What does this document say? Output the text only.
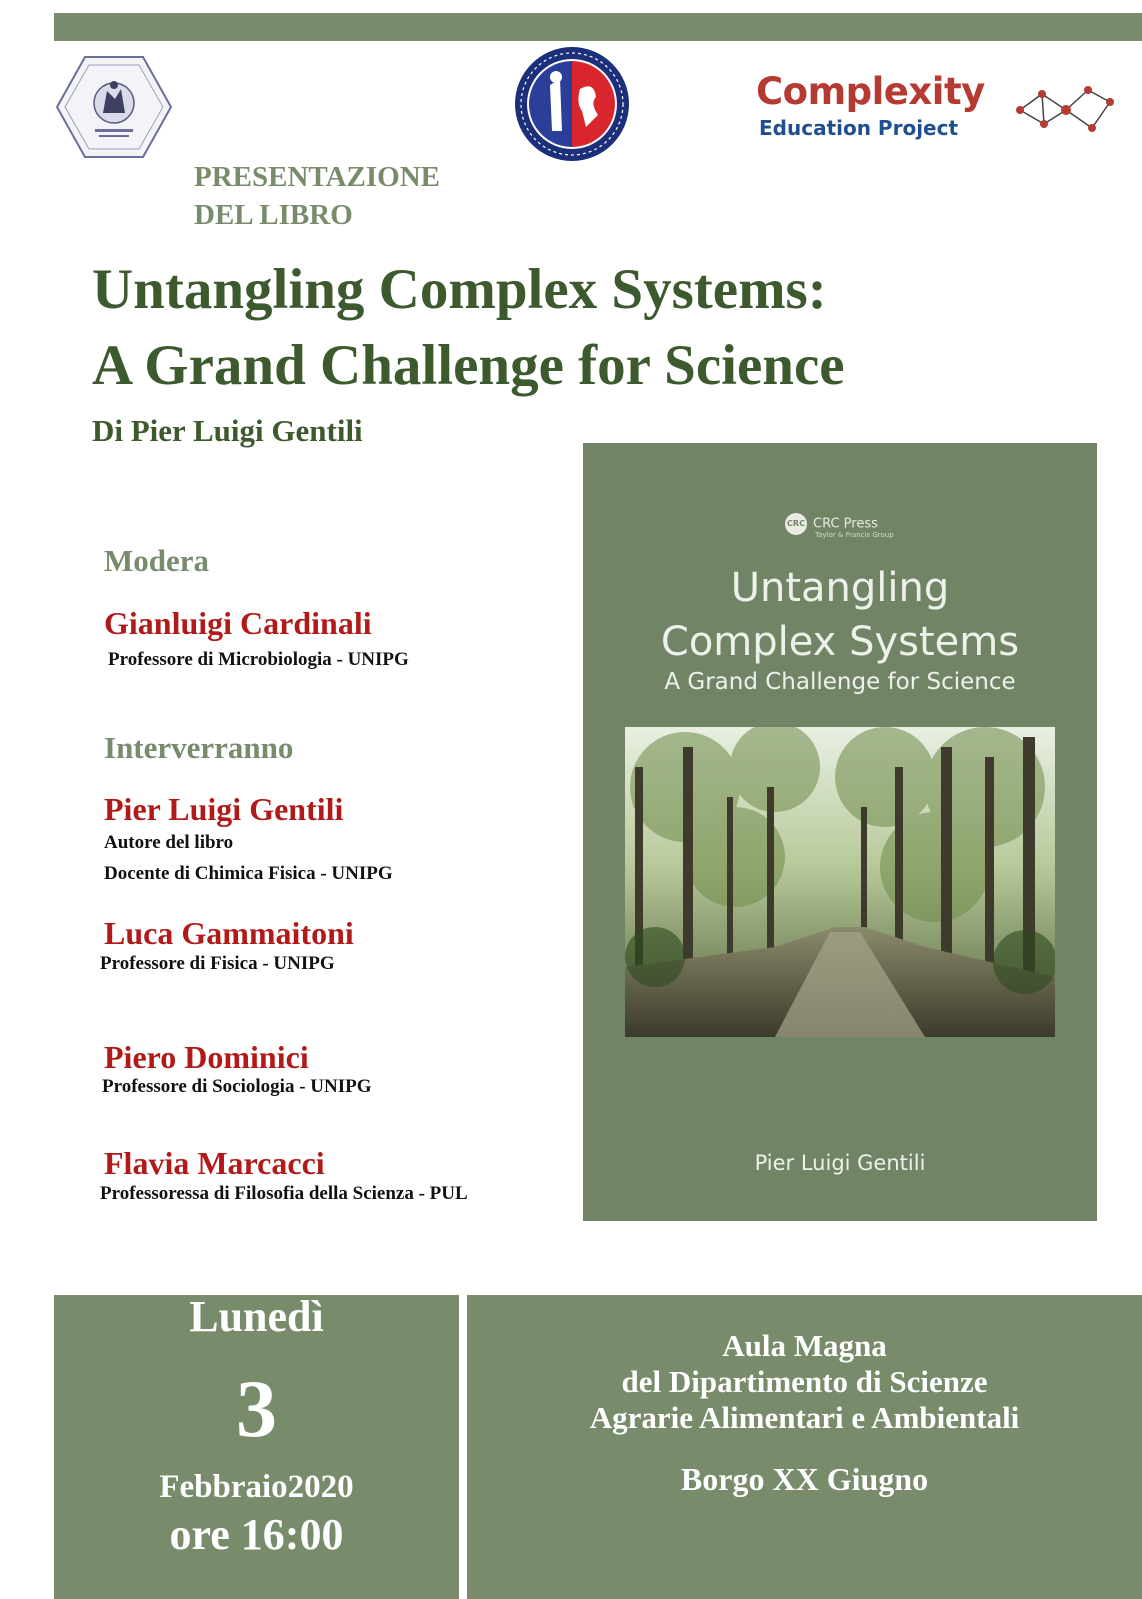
Complexity
Education Project
PRESENTAZIONE
DEL LIBRO
Untangling Complex Systems:
A Grand Challenge for Science
Di Pier Luigi Gentili
Modera
Gianluigi Cardinali
Professore di Microbiologia - UNIPG
Interverranno
Pier Luigi Gentili
Autore del libro
Docente di Chimica Fisica - UNIPG
Luca Gammaitoni
Professore di Fisica - UNIPG
Piero Dominici
Professore di Sociologia - UNIPG
Flavia Marcacci
Professoressa di Filosofia della Scienza - PUL
CRC CRC Press
Taylor & Francis Group
Untangling
Complex Systems
A Grand Challenge for Science
Pier Luigi Gentili
Lunedì
3
Febbraio2020
ore 16:00
Aula Magna
del Dipartimento di Scienze
Agrarie Alimentari e Ambientali
Borgo XX Giugno
